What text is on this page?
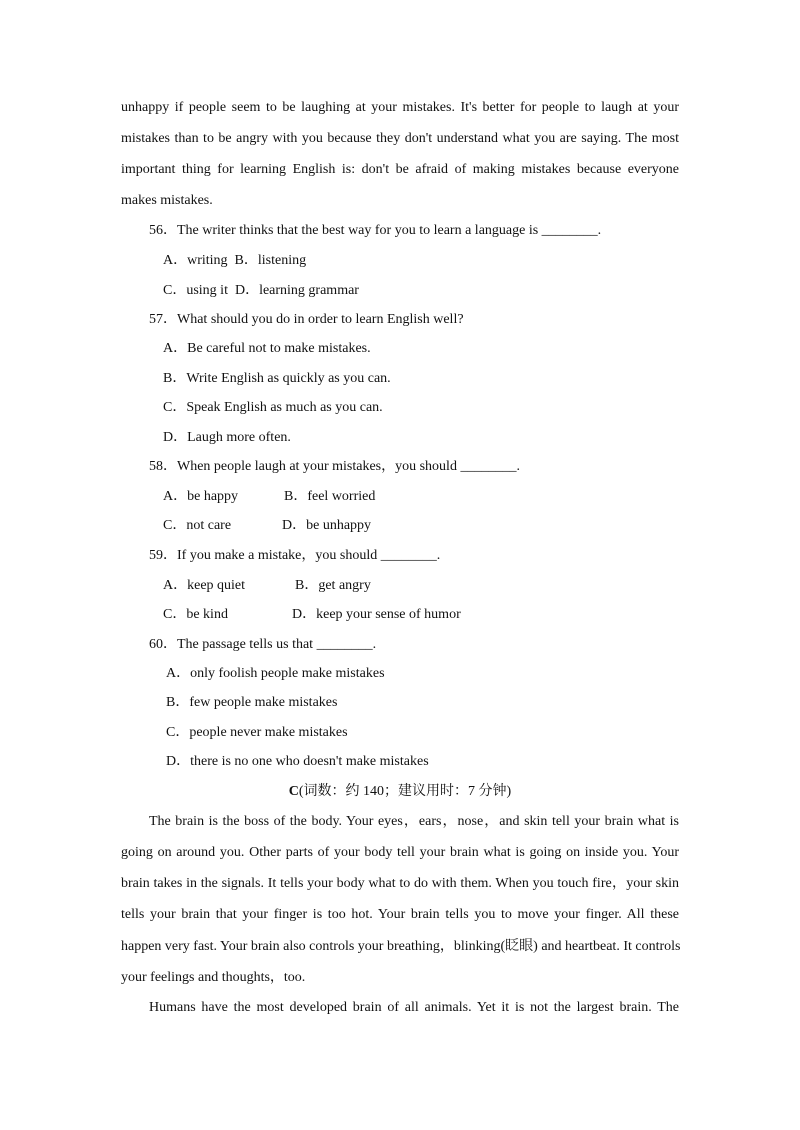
unhappy if people seem to be laughing at your mistakes. It's better for people to laugh at your
mistakes than to be angry with you because they don't understand what you are saying. The most
important thing for learning English is: don't be afraid of making mistakes because everyone
makes mistakes.
56．The writer thinks that the best way for you to learn a language is ________.
A．writing  B．listening
C．using it  D．learning grammar
57．What should you do in order to learn English well?
A．Be careful not to make mistakes.
B．Write English as quickly as you can.
C．Speak English as much as you can.
D．Laugh more often.
58．When people laugh at your mistakes，you should ________.
A．be happy	B．feel worried
C．not care	D．be unhappy
59．If you make a mistake，you should ________.
A．keep quiet	B．get angry
C．be kind	D．keep your sense of humor
60．The passage tells us that ________.
A．only foolish people make mistakes
B．few people make mistakes
C．people never make mistakes
D．there is no one who doesn't make mistakes
C(词数：约 140；建议用时：7 分钟)
The brain is the boss of the body. Your eyes，ears，nose，and skin tell your brain what is
going on around you. Other parts of your body tell your brain what is going on inside you. Your
brain takes in the signals. It tells your body what to do with them. When you touch fire，your skin
tells your brain that your finger is too hot. Your brain tells you to move your finger. All these
happen very fast. Your brain also controls your breathing，blinking(眨眼) and heartbeat. It controls
your feelings and thoughts，too.
Humans have the most developed brain of all animals. Yet it is not the largest brain. The
